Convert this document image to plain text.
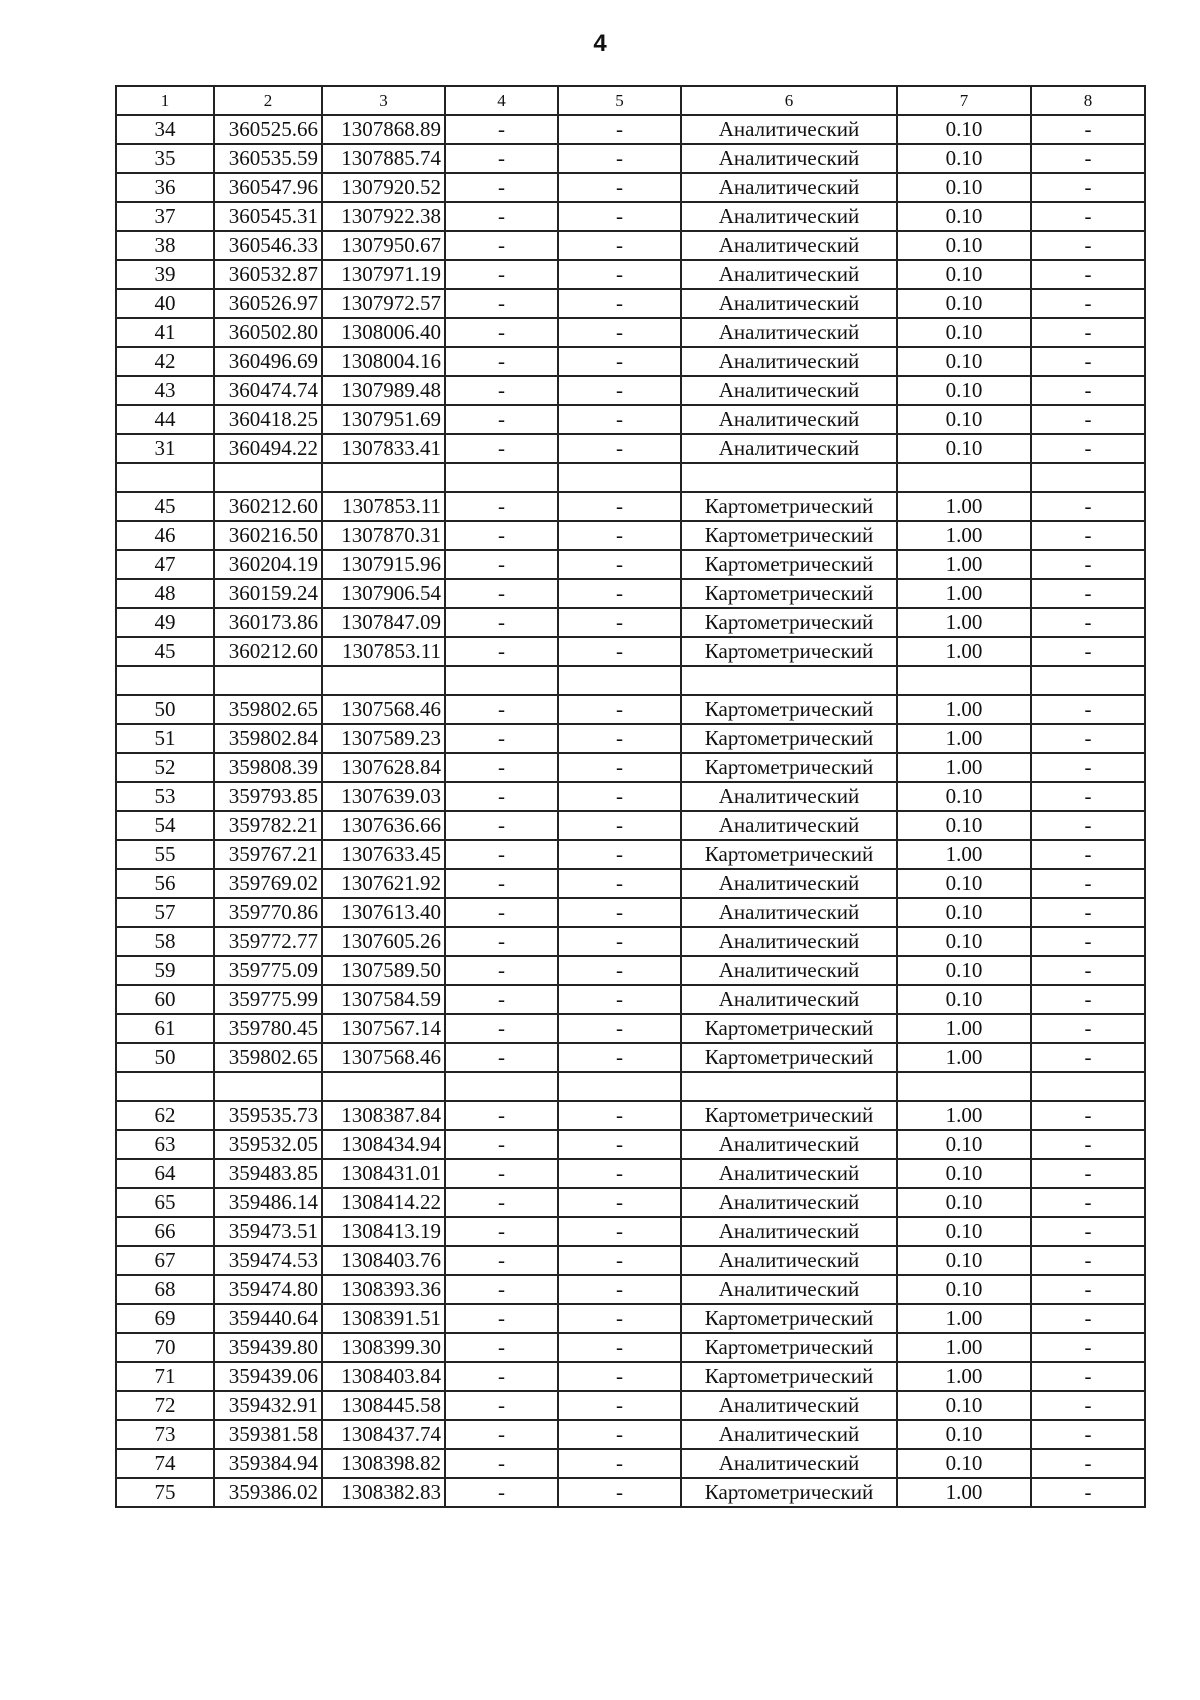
4
1	2	3	4	5	6	7	8
34	360525.66	1307868.89	-	-	Аналитический	0.10	-
35	360535.59	1307885.74	-	-	Аналитический	0.10	-
36	360547.96	1307920.52	-	-	Аналитический	0.10	-
37	360545.31	1307922.38	-	-	Аналитический	0.10	-
38	360546.33	1307950.67	-	-	Аналитический	0.10	-
39	360532.87	1307971.19	-	-	Аналитический	0.10	-
40	360526.97	1307972.57	-	-	Аналитический	0.10	-
41	360502.80	1308006.40	-	-	Аналитический	0.10	-
42	360496.69	1308004.16	-	-	Аналитический	0.10	-
43	360474.74	1307989.48	-	-	Аналитический	0.10	-
44	360418.25	1307951.69	-	-	Аналитический	0.10	-
31	360494.22	1307833.41	-	-	Аналитический	0.10	-

45	360212.60	1307853.11	-	-	Картометрический	1.00	-
46	360216.50	1307870.31	-	-	Картометрический	1.00	-
47	360204.19	1307915.96	-	-	Картометрический	1.00	-
48	360159.24	1307906.54	-	-	Картометрический	1.00	-
49	360173.86	1307847.09	-	-	Картометрический	1.00	-
45	360212.60	1307853.11	-	-	Картометрический	1.00	-

50	359802.65	1307568.46	-	-	Картометрический	1.00	-
51	359802.84	1307589.23	-	-	Картометрический	1.00	-
52	359808.39	1307628.84	-	-	Картометрический	1.00	-
53	359793.85	1307639.03	-	-	Аналитический	0.10	-
54	359782.21	1307636.66	-	-	Аналитический	0.10	-
55	359767.21	1307633.45	-	-	Картометрический	1.00	-
56	359769.02	1307621.92	-	-	Аналитический	0.10	-
57	359770.86	1307613.40	-	-	Аналитический	0.10	-
58	359772.77	1307605.26	-	-	Аналитический	0.10	-
59	359775.09	1307589.50	-	-	Аналитический	0.10	-
60	359775.99	1307584.59	-	-	Аналитический	0.10	-
61	359780.45	1307567.14	-	-	Картометрический	1.00	-
50	359802.65	1307568.46	-	-	Картометрический	1.00	-

62	359535.73	1308387.84	-	-	Картометрический	1.00	-
63	359532.05	1308434.94	-	-	Аналитический	0.10	-
64	359483.85	1308431.01	-	-	Аналитический	0.10	-
65	359486.14	1308414.22	-	-	Аналитический	0.10	-
66	359473.51	1308413.19	-	-	Аналитический	0.10	-
67	359474.53	1308403.76	-	-	Аналитический	0.10	-
68	359474.80	1308393.36	-	-	Аналитический	0.10	-
69	359440.64	1308391.51	-	-	Картометрический	1.00	-
70	359439.80	1308399.30	-	-	Картометрический	1.00	-
71	359439.06	1308403.84	-	-	Картометрический	1.00	-
72	359432.91	1308445.58	-	-	Аналитический	0.10	-
73	359381.58	1308437.74	-	-	Аналитический	0.10	-
74	359384.94	1308398.82	-	-	Аналитический	0.10	-
75	359386.02	1308382.83	-	-	Картометрический	1.00	-
